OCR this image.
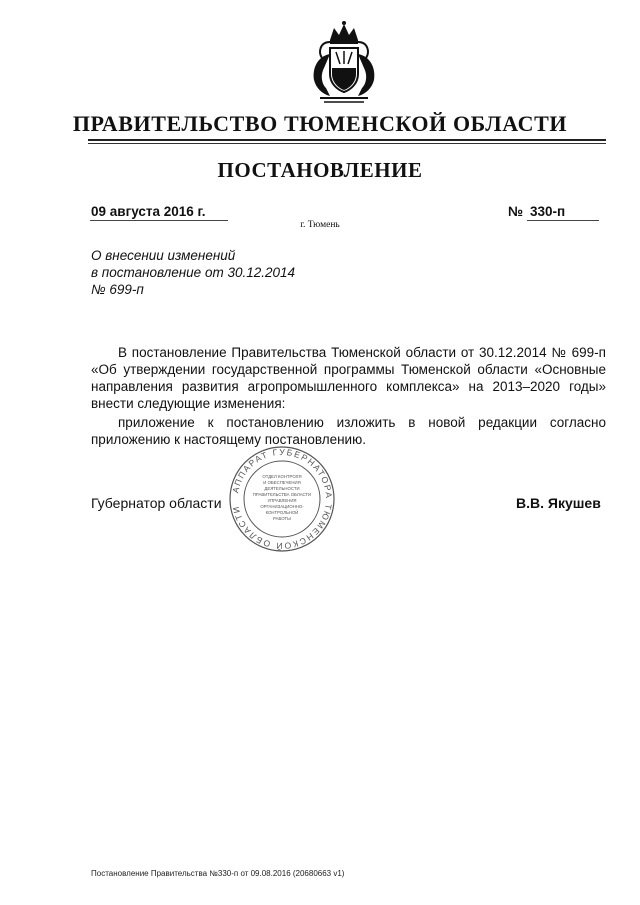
ПРАВИТЕЛЬСТВО ТЮМЕНСКОЙ ОБЛАСТИ
ПОСТАНОВЛЕНИЕ
09 августа 2016 г.	№ 330-п
г. Тюмень
О внесении изменений
в постановление от 30.12.2014
№ 699-п
В постановление Правительства Тюменской области от 30.12.2014 № 699-п «Об утверждении государственной программы Тюменской области «Основные направления развития агропромышленного комплекса» на 2013–2020 годы» внести следующие изменения:
приложение к постановлению изложить в новой редакции согласно приложению к настоящему постановлению.
Губернатор области	В.В. Якушев
АППАРАТ ГУБЕРНАТОРА ТЮМЕНСКОЙ ОБЛАСТИ
ОТДЕЛ КОНТРОЛЯ
И ОБЕСПЕЧЕНИЯ
ДЕЯТЕЛЬНОСТИ
ПРАВИТЕЛЬСТВА ОБЛАСТИ
УПРАВЛЕНИЯ
ОРГАНИЗАЦИОННО-
КОНТРОЛЬНОЙ
РАБОТЫ
Постановление Правительства №330-п от 09.08.2016 (20680663 v1)
